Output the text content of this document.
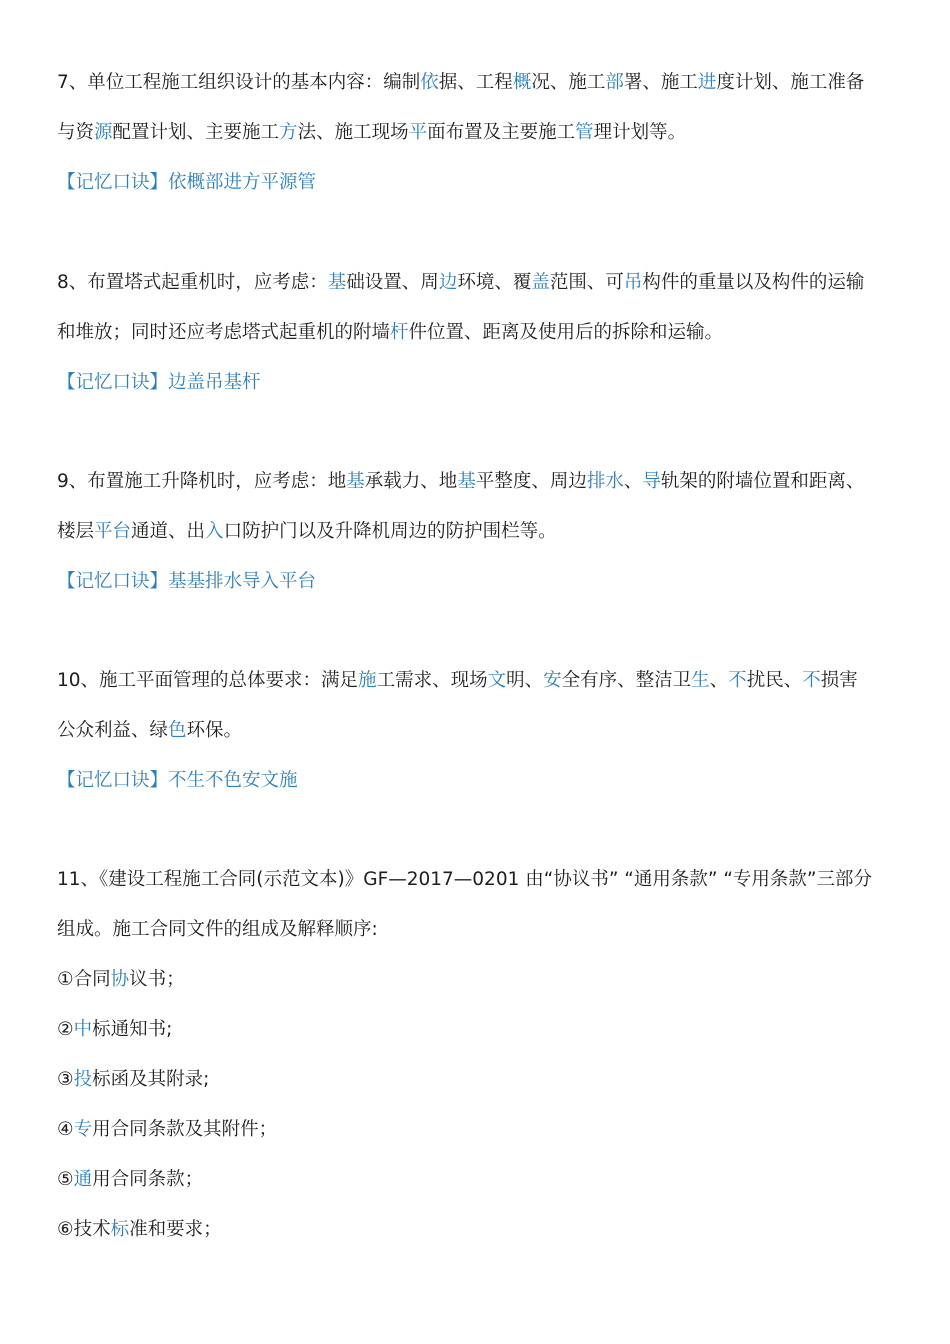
7、单位工程施工组织设计的基本内容：编制依据、工程概况、施工部署、施工进度计划、施工准备
与资源配置计划、主要施工方法、施工现场平面布置及主要施工管理计划等。
【记忆口诀】依概部进方平源管
8、布置塔式起重机时，应考虑：基础设置、周边环境、覆盖范围、可吊构件的重量以及构件的运输
和堆放；同时还应考虑塔式起重机的附墙杆件位置、距离及使用后的拆除和运输。
【记忆口诀】边盖吊基杆
9、布置施工升降机时，应考虑：地基承载力、地基平整度、周边排水、导轨架的附墙位置和距离、
楼层平台通道、出入口防护门以及升降机周边的防护围栏等。
【记忆口诀】基基排水导入平台
10、施工平面管理的总体要求：满足施工需求、现场文明、安全有序、整洁卫生、不扰民、不损害
公众利益、绿色环保。
【记忆口诀】不生不色安文施
11、《建设工程施工合同(示范文本)》GF—2017—0201 由“协议书” “通用条款” “专用条款”三部分
组成。施工合同文件的组成及解释顺序:
①合同协议书；
②中标通知书;
③投标函及其附录;
④专用合同条款及其附件；
⑤通用合同条款；
⑥技术标准和要求；
